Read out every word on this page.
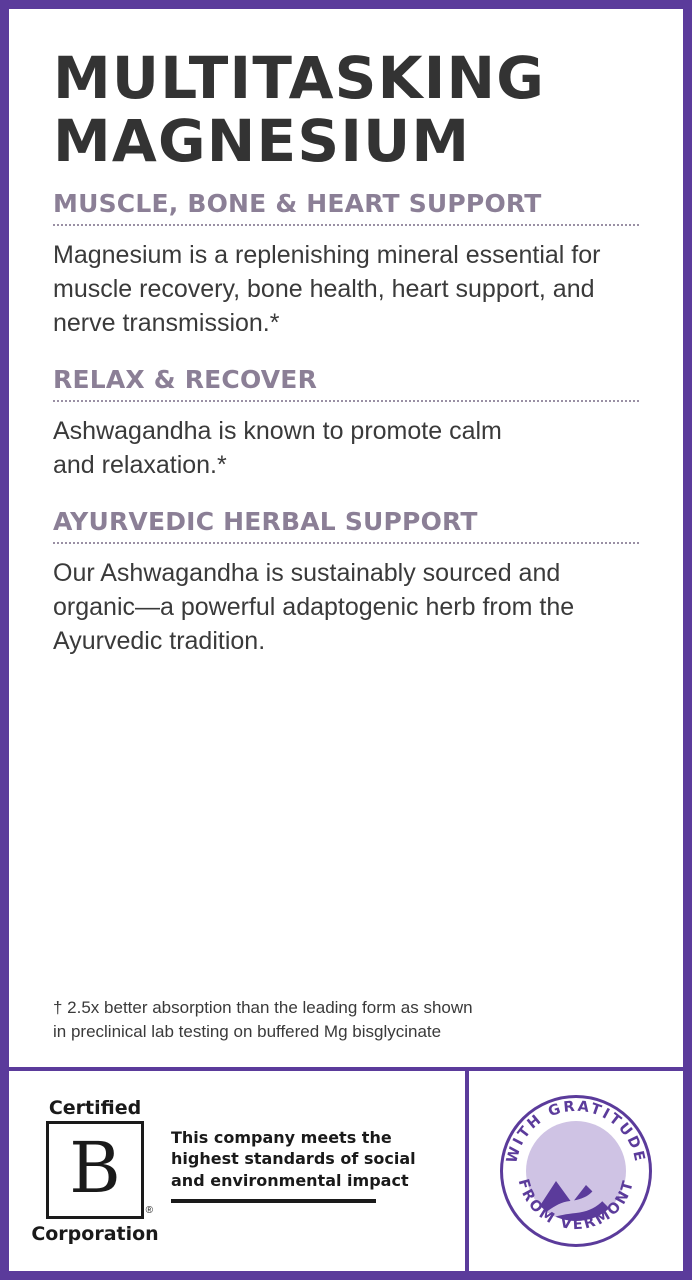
MULTITASKING
MAGNESIUM
MUSCLE, BONE & HEART SUPPORT

Magnesium is a replenishing mineral essential for
muscle recovery, bone health, heart support, and
nerve transmission.*

RELAX & RECOVER

Ashwagandha is known to promote calm
and relaxation.*

AYURVEDIC HERBAL SUPPORT

Our Ashwagandha is sustainably sourced and
organic—a powerful adaptogenic herb from the
Ayurvedic tradition.

† 2.5x better absorption than the leading form as shown
in preclinical lab testing on buffered Mg bisglycinate

Certified
B
®
Corporation
This company meets the
highest standards of social
and environmental impact
WITH GRATITUDE
FROM VERMONT
